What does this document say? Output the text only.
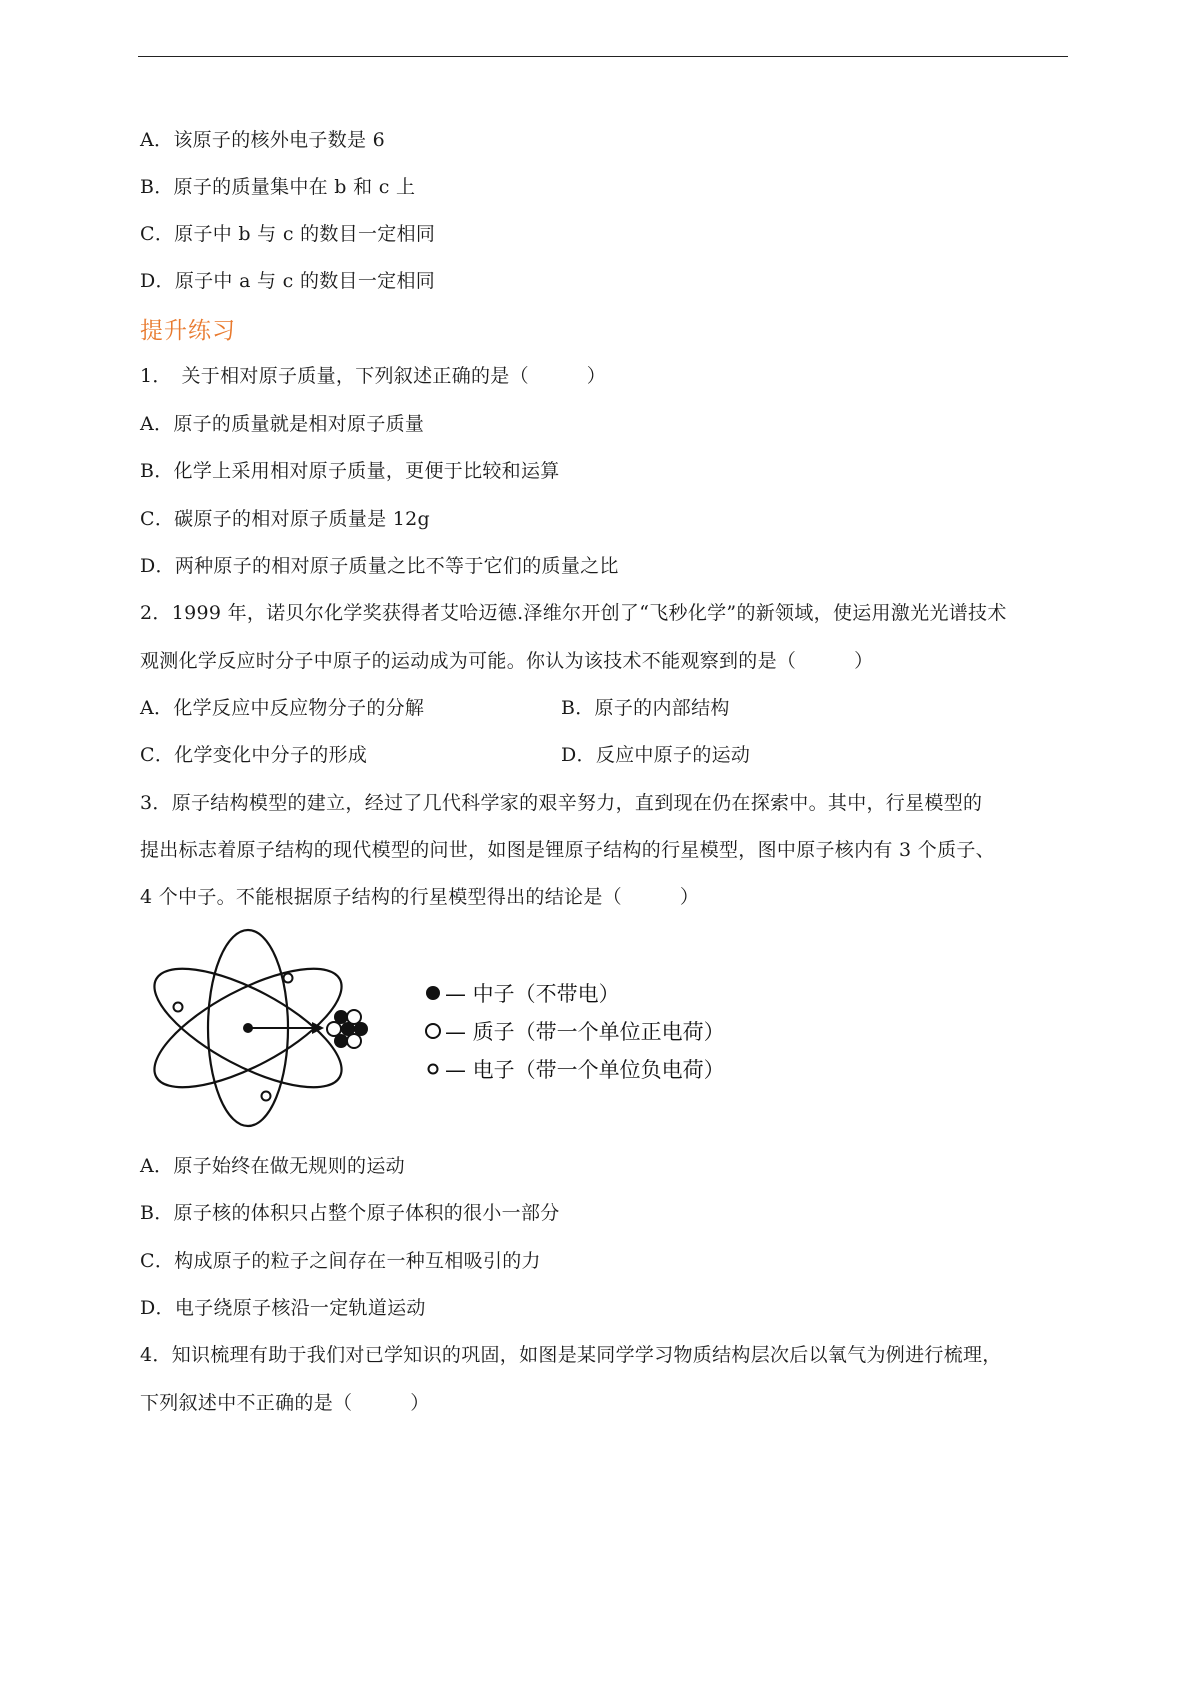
A．该原子的核外电子数是 6
B．原子的质量集中在 b 和 c 上
C．原子中 b 与 c 的数目一定相同
D．原子中 a 与 c 的数目一定相同
提升练习
1．　关于相对原子质量，下列叙述正确的是（　　　）
A．原子的质量就是相对原子质量
B．化学上采用相对原子质量，更便于比较和运算
C．碳原子的相对原子质量是 12g
D．两种原子的相对原子质量之比不等于它们的质量之比
2．1999 年，诺贝尔化学奖获得者艾哈迈德.泽维尔开创了“飞秒化学”的新领域，使运用激光光谱技术
观测化学反应时分子中原子的运动成为可能。你认为该技术不能观察到的是（　　　）
A．化学反应中反应物分子的分解	B．原子的内部结构
C．化学变化中分子的形成	D．反应中原子的运动
3．原子结构模型的建立，经过了几代科学家的艰辛努力，直到现在仍在探索中。其中，行星模型的
提出标志着原子结构的现代模型的问世，如图是锂原子结构的行星模型，图中原子核内有 3 个质子、
4 个中子。不能根据原子结构的行星模型得出的结论是（　　　）
— 中子（不带电）
— 质子（带一个单位正电荷）
— 电子（带一个单位负电荷）
A．原子始终在做无规则的运动
B．原子核的体积只占整个原子体积的很小一部分
C．构成原子的粒子之间存在一种互相吸引的力
D．电子绕原子核沿一定轨道运动
4．知识梳理有助于我们对已学知识的巩固，如图是某同学学习物质结构层次后以氧气为例进行梳理，
下列叙述中不正确的是（　　　）
